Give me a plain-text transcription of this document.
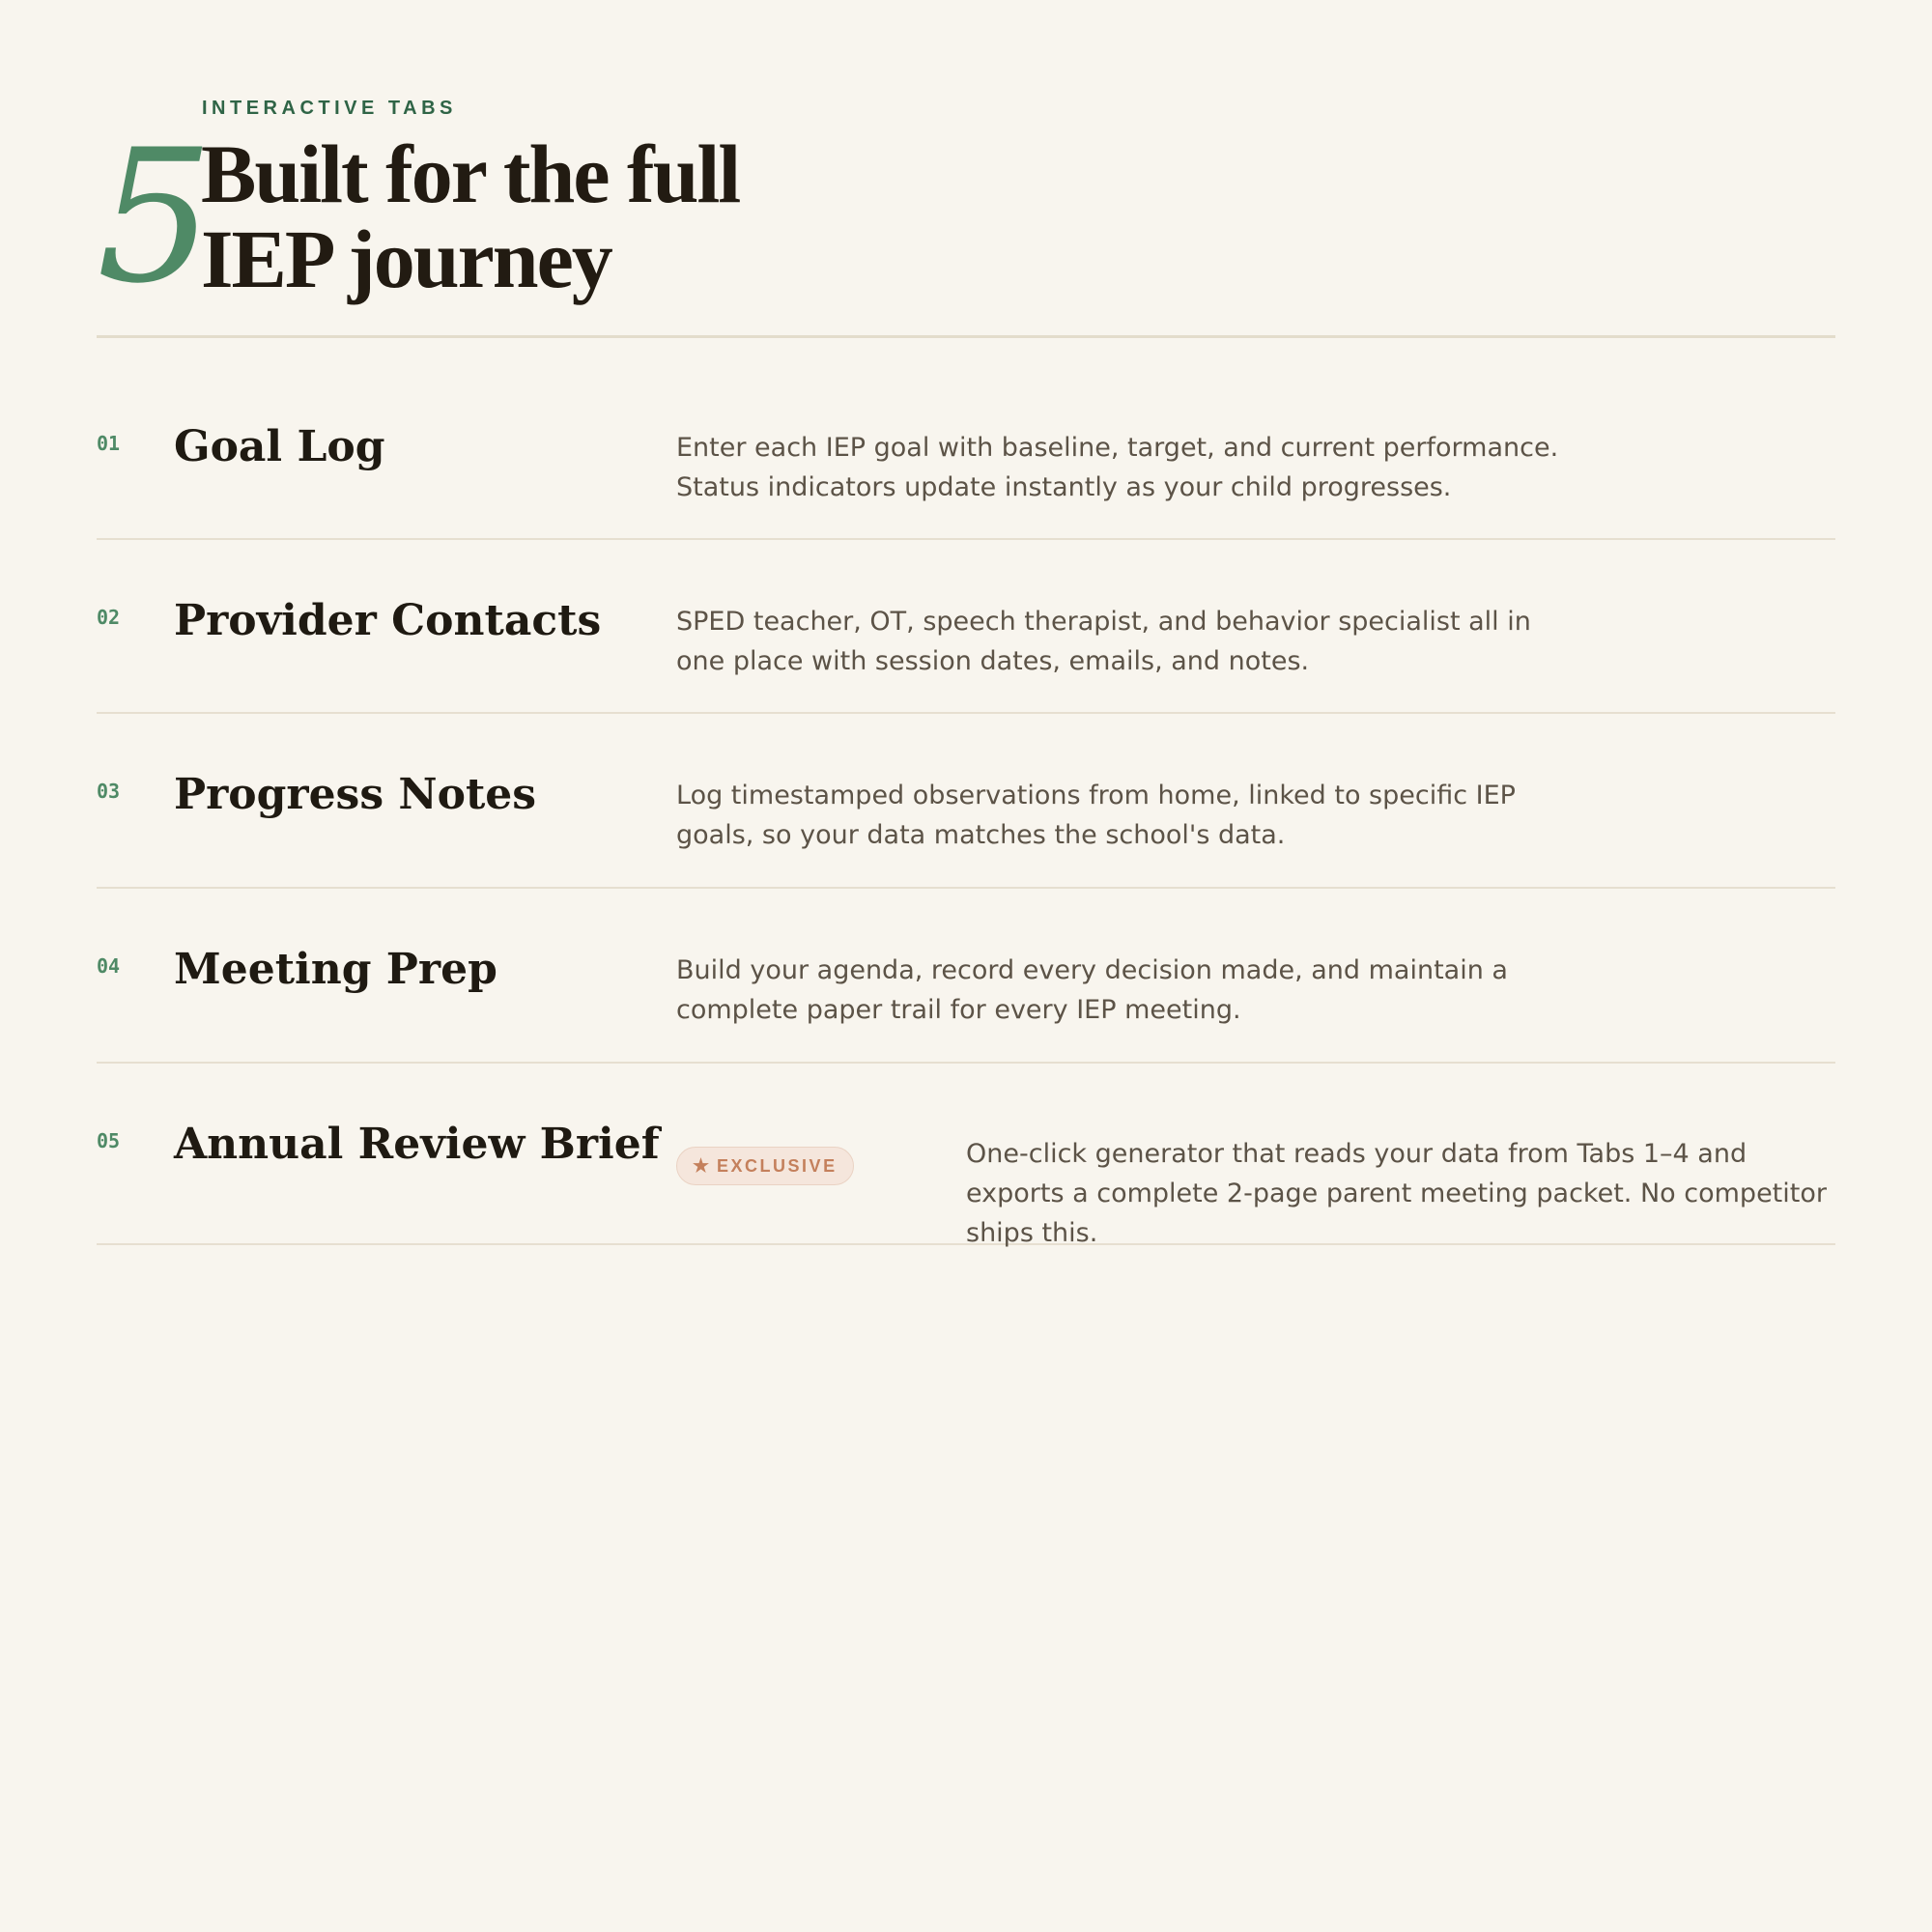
5
INTERACTIVE TABS
Built for the full
IEP journey
01 Goal Log	Enter each IEP goal with baseline, target, and current performance. Status indicators update instantly as your child progresses.
02 Provider Contacts	SPED teacher, OT, speech therapist, and behavior specialist all in one place with session dates, emails, and notes.
03 Progress Notes	Log timestamped observations from home, linked to specific IEP goals, so your data matches the school's data.
04 Meeting Prep	Build your agenda, record every decision made, and maintain a complete paper trail for every IEP meeting.
05 Annual Review Brief ★ EXCLUSIVE	One-click generator that reads your data from Tabs 1–4 and exports a complete 2-page parent meeting packet. No competitor ships this.
